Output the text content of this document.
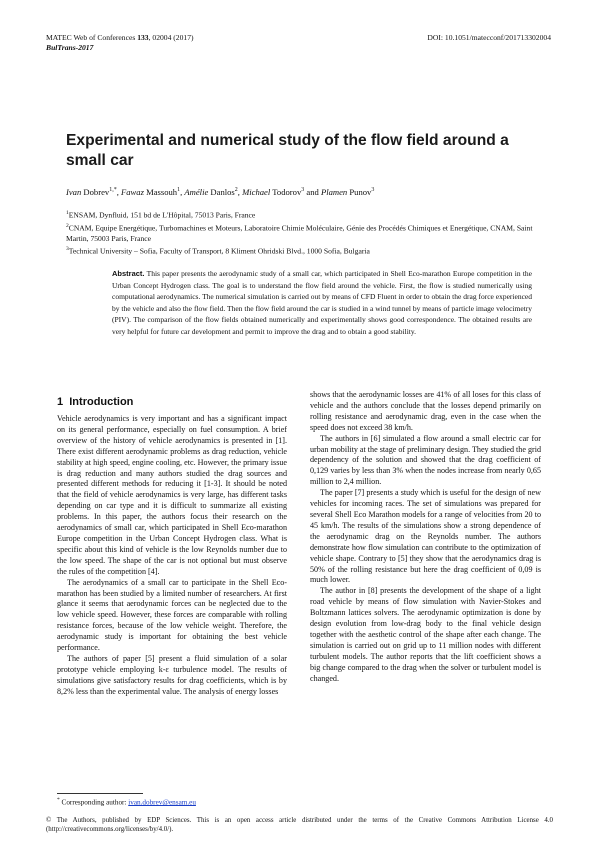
MATEC Web of Conferences 133, 02004 (2017)	DOI: 10.1051/matecconf/201713302004
BulTrans-2017
Experimental and numerical study of the flow field around a small car
Ivan Dobrev$^{1,*}$, Fawaz Massouh$^1$, Amélie Danlos$^2$, Michael Todorov$^3$ and Plamen Punov$^3$

$^1$ENSAM, Dynfluid, 151 bd de L'Hôpital, 75013 Paris, France

$^2$CNAM, Equipe Energétique, Turbomachines et Moteurs, Laboratoire Chimie Moléculaire, Génie des Procédés Chimiques et Energétique, CNAM, Saint Martin, 75003 Paris, France

$^3$Technical University – Sofia, Faculty of Transport, 8 Kliment Ohridski Blvd., 1000 Sofia, Bulgaria

Abstract. This paper presents the aerodynamic study of a small car, which participated in Shell Eco-marathon Europe competition in the Urban Concept Hydrogen class. The goal is to understand the flow field around the vehicle. First, the flow is studied numerically using computational aerodynamics. The numerical simulation is carried out by means of CFD Fluent in order to obtain the drag force experienced by the vehicle and also the flow field. Then the flow field around the car is studied in a wind tunnel by means of particle image velocimetry (PIV). The comparison of the flow fields obtained numerically and experimentally shows good correspondence. The obtained results are very helpful for future car development and permit to improve the drag and to obtain a good stability.
1 Introduction

Vehicle aerodynamics is very important and has a significant impact on its general performance, especially on fuel consumption. A brief overview of the history of vehicle aerodynamics is presented in [1]. There exist different aerodynamic problems as drag reduction, vehicle stability at high speed, engine cooling, etc. However, the primary issue is drag reduction and many authors studied the drag sources and presented different methods for reducing it [1-3]. It should be noted that the field of vehicle aerodynamics is very large, has different tasks depending on car type and it is difficult to summarize all existing problems. In this paper, the authors focus their research on the aerodynamics of small car, which participated in Shell Eco-marathon Europe competition in the Urban Concept Hydrogen class. What is specific about this kind of vehicle is the low Reynolds number due to the low speed. The shape of the car is not optional but must observe the rules of the competition [4].

The aerodynamics of a small car to participate in the Shell Eco-marathon has been studied by a limited number of researchers. At first glance it seems that aerodynamic forces can be neglected due to the low vehicle speed. However, these forces are comparable with rolling resistance forces, because of the low vehicle weight. Therefore, the aerodynamic study is important for obtaining the best vehicle performance.

The authors of paper [5] present a fluid simulation of a solar prototype vehicle employing k-ε turbulence model. The results of simulations give satisfactory results for drag coefficients, which is by 8,2% less than the experimental value. The analysis of energy losses

shows that the aerodynamic losses are 41% of all loses for this class of vehicle and the authors conclude that the losses depend primarily on rolling resistance and aerodynamic drag, even in the case when the speed does not exceed 38 km/h.

The authors in [6] simulated a flow around a small electric car for urban mobility at the stage of preliminary design. They studied the grid dependency of the solution and showed that the drag coefficient of 0,129 varies by less than 3% when the nodes increase from nearly 0,65 million to 2,4 million.

The paper [7] presents a study which is useful for the design of new vehicles for incoming races. The set of simulations was prepared for several Shell Eco Marathon models for a range of velocities from 20 to 45 km/h. The results of the simulations show a strong dependence of the aerodynamic drag on the Reynolds number. The authors demonstrate how flow simulation can contribute to the optimization of vehicle shape. Contrary to [5] they show that the aerodynamics drag is 50% of the rolling resistance but here the drag coefficient of 0,09 is much lower.

The author in [8] presents the development of the shape of a light road vehicle by means of flow simulation with Navier-Stokes and Boltzmann lattices solvers. The aerodynamic optimization is done by design evolution from low-drag body to the final vehicle design together with the aesthetic control of the shape after each change. The simulation is carried out on grid up to 11 million nodes with different turbulent models. The author reports that the lift coefficient shows a big change compared to the drag when the solver or turbulent model is changed.

* Corresponding author: ivan.dobrev@ensam.eu
© The Authors, published by EDP Sciences. This is an open access article distributed under the terms of the Creative Commons Attribution License 4.0 (http://creativecommons.org/licenses/by/4.0/).
